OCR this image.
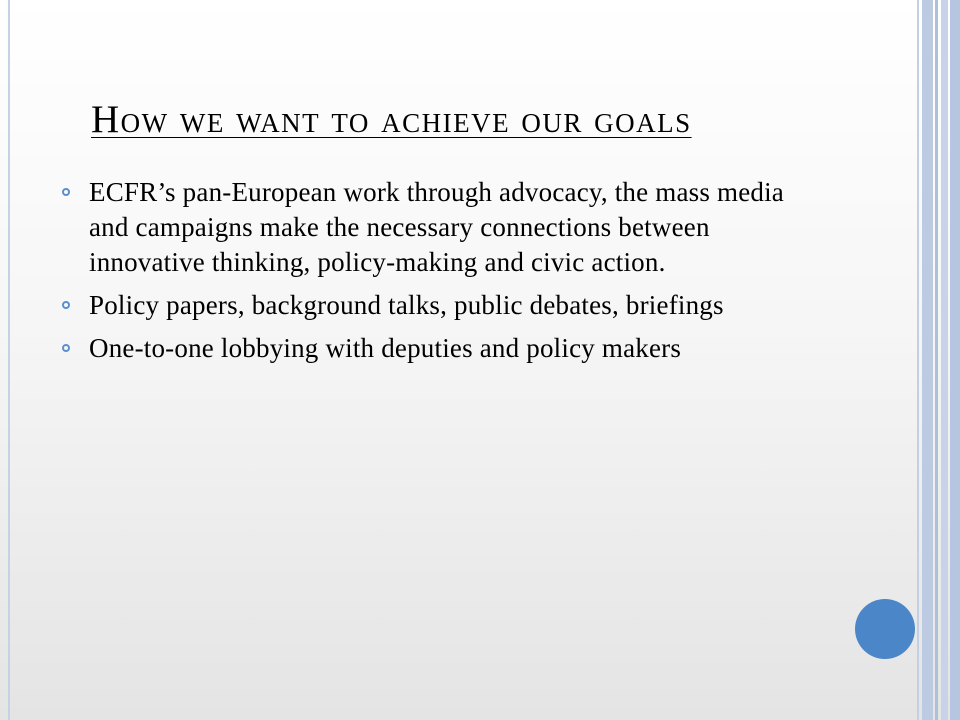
How we want to achieve our goals
ECFR’s pan-European work through advocacy, the mass media and campaigns make the necessary connections between innovative thinking, policy-making and civic action.
Policy papers, background talks, public debates, briefings
One-to-one lobbying with deputies and policy makers
